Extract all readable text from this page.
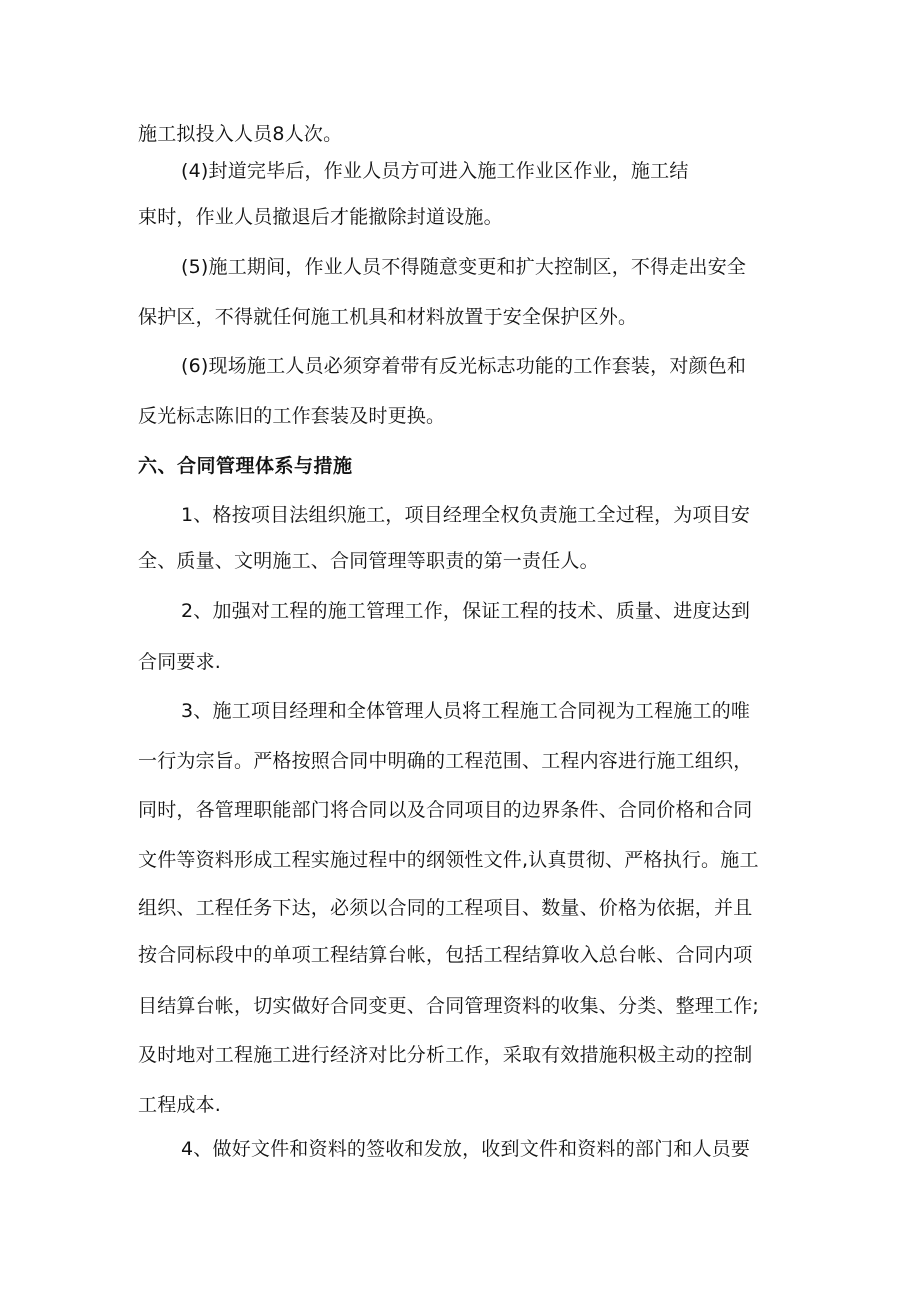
施工拟投入人员8人次。
(4)封道完毕后，作业人员方可进入施工作业区作业，施工结
束时，作业人员撤退后才能撤除封道设施。
(5)施工期间，作业人员不得随意变更和扩大控制区，不得走出安全
保护区，不得就任何施工机具和材料放置于安全保护区外。
(6)现场施工人员必须穿着带有反光标志功能的工作套装，对颜色和
反光标志陈旧的工作套装及时更换。
六、合同管理体系与措施
1、格按项目法组织施工，项目经理全权负责施工全过程，为项目安
全、质量、文明施工、合同管理等职责的第一责任人。
2、加强对工程的施工管理工作，保证工程的技术、质量、进度达到
合同要求.
3、施工项目经理和全体管理人员将工程施工合同视为工程施工的唯
一行为宗旨。严格按照合同中明确的工程范围、工程内容进行施工组织，
同时，各管理职能部门将合同以及合同项目的边界条件、合同价格和合同
文件等资料形成工程实施过程中的纲领性文件,认真贯彻、严格执行。施工
组织、工程任务下达，必须以合同的工程项目、数量、价格为依据，并且
按合同标段中的单项工程结算台帐，包括工程结算收入总台帐、合同内项
目结算台帐，切实做好合同变更、合同管理资料的收集、分类、整理工作;
及时地对工程施工进行经济对比分析工作，采取有效措施积极主动的控制
工程成本.
4、做好文件和资料的签收和发放，收到文件和资料的部门和人员要
